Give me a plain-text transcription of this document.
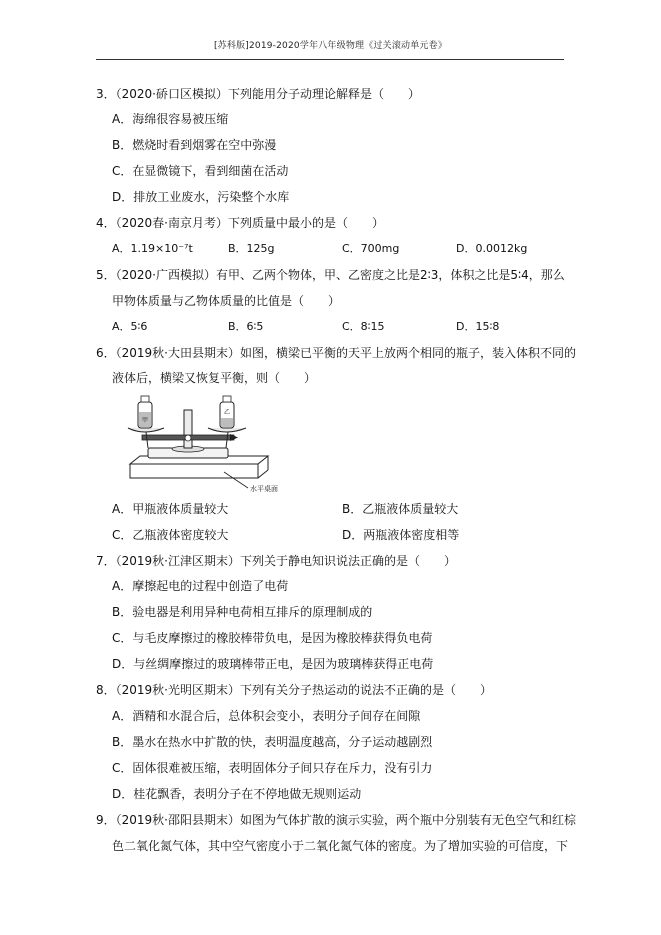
[苏科版]2019-2020学年八年级物理《过关滚动单元卷》
3．（2020·硚口区模拟）下列能用分子动理论解释是（　　）
A．海绵很容易被压缩
B．燃烧时看到烟雾在空中弥漫
C．在显微镜下，看到细菌在活动
D．排放工业废水，污染整个水库
4．（2020春·南京月考）下列质量中最小的是（　　）
A．1.19×10⁻⁷t	B．125g	C．700mg	D．0.0012kg
5．（2020·广西模拟）有甲、乙两个物体，甲、乙密度之比是2∶3，体积之比是5∶4，那么
甲物体质量与乙物体质量的比值是（　　）
A．5∶6	B．6∶5	C．8∶15	D．15∶8
6．（2019秋·大田县期末）如图，横梁已平衡的天平上放两个相同的瓶子，装入体积不同的
液体后，横梁又恢复平衡，则（　　）
甲
乙
水平桌面
A．甲瓶液体质量较大	B．乙瓶液体质量较大
C．乙瓶液体密度较大	D．两瓶液体密度相等
7．（2019秋·江津区期末）下列关于静电知识说法正确的是（　　）
A．摩擦起电的过程中创造了电荷
B．验电器是利用异种电荷相互排斥的原理制成的
C．与毛皮摩擦过的橡胶棒带负电，是因为橡胶棒获得负电荷
D．与丝绸摩擦过的玻璃棒带正电，是因为玻璃棒获得正电荷
8．（2019秋·光明区期末）下列有关分子热运动的说法不正确的是（　　）
A．酒精和水混合后，总体积会变小，表明分子间存在间隙
B．墨水在热水中扩散的快，表明温度越高，分子运动越剧烈
C．固体很难被压缩，表明固体分子间只存在斥力，没有引力
D．桂花飘香，表明分子在不停地做无规则运动
9．（2019秋·邵阳县期末）如图为气体扩散的演示实验，两个瓶中分别装有无色空气和红棕
色二氧化氮气体，其中空气密度小于二氧化氮气体的密度。为了增加实验的可信度，下
